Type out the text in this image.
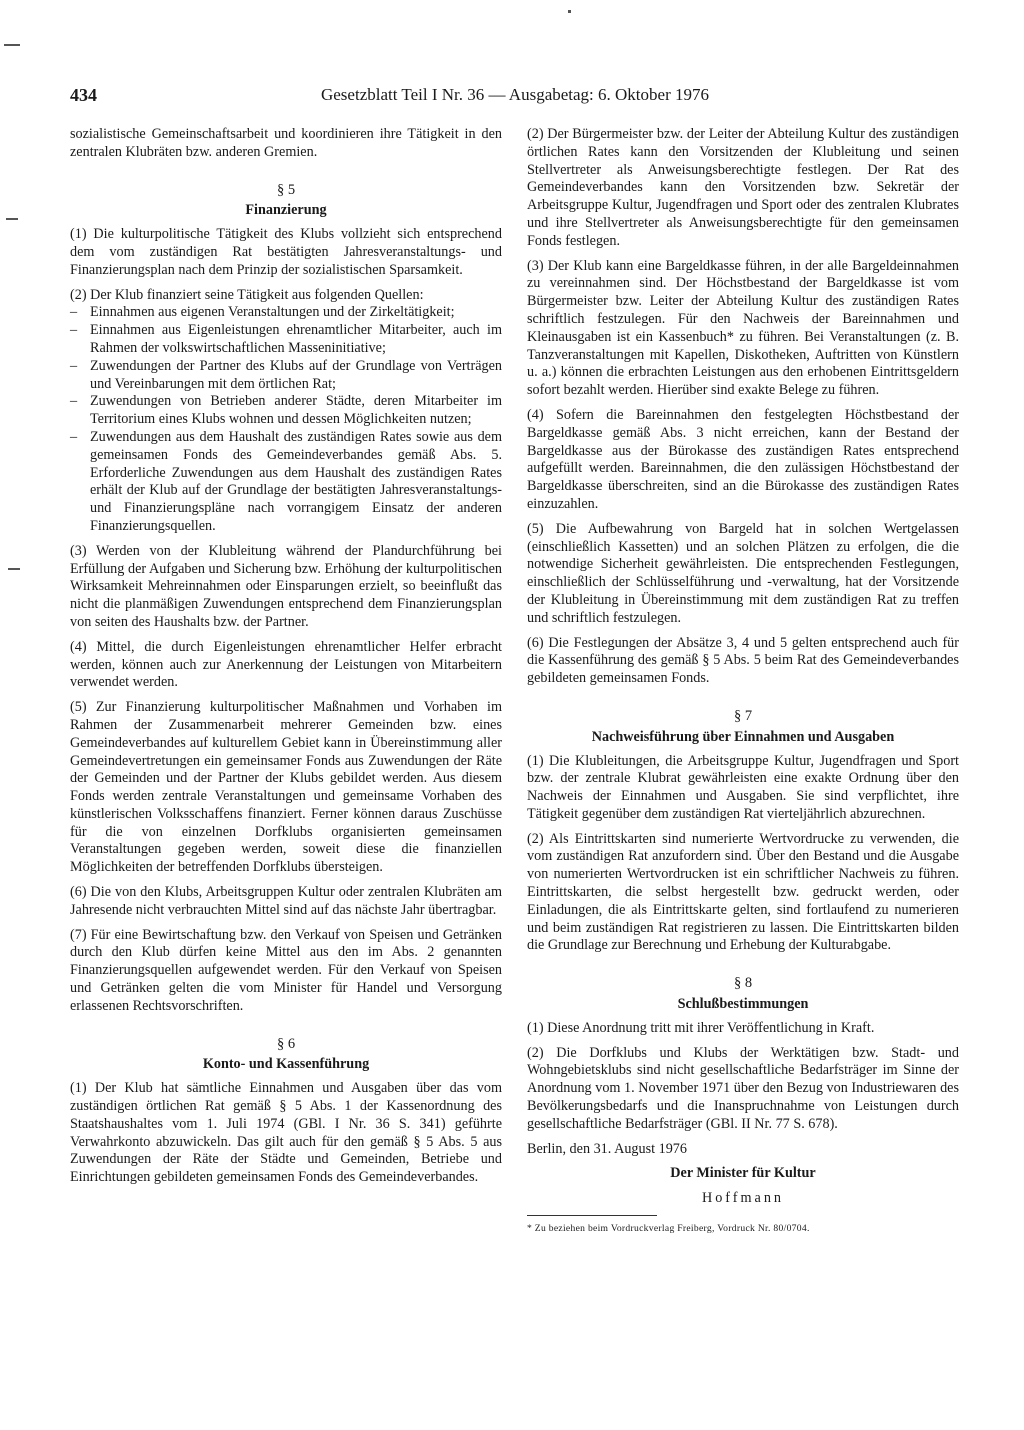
434	Gesetzblatt Teil I Nr. 36 — Ausgabetag: 6. Oktober 1976

sozialistische Gemeinschaftsarbeit und koordinieren ihre Tätigkeit in den zentralen Klubräten bzw. anderen Gremien.

§ 5
Finanzierung

(1) Die kulturpolitische Tätigkeit des Klubs vollzieht sich entsprechend dem vom zuständigen Rat bestätigten Jahresveranstaltungs- und Finanzierungsplan nach dem Prinzip der sozialistischen Sparsamkeit.

(2) Der Klub finanziert seine Tätigkeit aus folgenden Quellen:

– Einnahmen aus eigenen Veranstaltungen und der Zirkeltätigkeit;
– Einnahmen aus Eigenleistungen ehrenamtlicher Mitarbeiter, auch im Rahmen der volkswirtschaftlichen Masseninitiative;
– Zuwendungen der Partner des Klubs auf der Grundlage von Verträgen und Vereinbarungen mit dem örtlichen Rat;
– Zuwendungen von Betrieben anderer Städte, deren Mitarbeiter im Territorium eines Klubs wohnen und dessen Möglichkeiten nutzen;
– Zuwendungen aus dem Haushalt des zuständigen Rates sowie aus dem gemeinsamen Fonds des Gemeindeverbandes gemäß Abs. 5. Erforderliche Zuwendungen aus dem Haushalt des zuständigen Rates erhält der Klub auf der Grundlage der bestätigten Jahresveranstaltungs- und Finanzierungspläne nach vorrangigem Einsatz der anderen Finanzierungsquellen.

(3) Werden von der Klubleitung während der Plandurchführung bei Erfüllung der Aufgaben und Sicherung bzw. Erhöhung der kulturpolitischen Wirksamkeit Mehreinnahmen oder Einsparungen erzielt, so beeinflußt das nicht die planmäßigen Zuwendungen entsprechend dem Finanzierungsplan von seiten des Haushalts bzw. der Partner.

(4) Mittel, die durch Eigenleistungen ehrenamtlicher Helfer erbracht werden, können auch zur Anerkennung der Leistungen von Mitarbeitern verwendet werden.

(5) Zur Finanzierung kulturpolitischer Maßnahmen und Vorhaben im Rahmen der Zusammenarbeit mehrerer Gemeinden bzw. eines Gemeindeverbandes auf kulturellem Gebiet kann in Übereinstimmung aller Gemeindevertretungen ein gemeinsamer Fonds aus Zuwendungen der Räte der Gemeinden und der Partner der Klubs gebildet werden. Aus diesem Fonds werden zentrale Veranstaltungen und gemeinsame Vorhaben des künstlerischen Volksschaffens finanziert. Ferner können daraus Zuschüsse für die von einzelnen Dorfklubs organisierten gemeinsamen Veranstaltungen gegeben werden, soweit diese die finanziellen Möglichkeiten der betreffenden Dorfklubs übersteigen.

(6) Die von den Klubs, Arbeitsgruppen Kultur oder zentralen Klubräten am Jahresende nicht verbrauchten Mittel sind auf das nächste Jahr übertragbar.

(7) Für eine Bewirtschaftung bzw. den Verkauf von Speisen und Getränken durch den Klub dürfen keine Mittel aus den im Abs. 2 genannten Finanzierungsquellen aufgewendet werden. Für den Verkauf von Speisen und Getränken gelten die vom Minister für Handel und Versorgung erlassenen Rechtsvorschriften.

§ 6
Konto- und Kassenführung

(1) Der Klub hat sämtliche Einnahmen und Ausgaben über das vom zuständigen örtlichen Rat gemäß § 5 Abs. 1 der Kassenordnung des Staatshaushaltes vom 1. Juli 1974 (GBl. I Nr. 36 S. 341) geführte Verwahrkonto abzuwickeln. Das gilt auch für den gemäß § 5 Abs. 5 aus Zuwendungen der Räte der Städte und Gemeinden, Betriebe und Einrichtungen gebildeten gemeinsamen Fonds des Gemeindeverbandes.

(2) Der Bürgermeister bzw. der Leiter der Abteilung Kultur des zuständigen örtlichen Rates kann den Vorsitzenden der Klubleitung und seinen Stellvertreter als Anweisungsberechtigte festlegen. Der Rat des Gemeindeverbandes kann den Vorsitzenden bzw. Sekretär der Arbeitsgruppe Kultur, Jugendfragen und Sport oder des zentralen Klubrates und ihre Stellvertreter als Anweisungsberechtigte für den gemeinsamen Fonds festlegen.

(3) Der Klub kann eine Bargeldkasse führen, in der alle Bargeldeinnahmen zu vereinnahmen sind. Der Höchstbestand der Bargeldkasse ist vom Bürgermeister bzw. Leiter der Abteilung Kultur des zuständigen Rates schriftlich festzulegen. Für den Nachweis der Bareinnahmen und Kleinausgaben ist ein Kassenbuch* zu führen. Bei Veranstaltungen (z. B. Tanzveranstaltungen mit Kapellen, Diskotheken, Auftritten von Künstlern u. a.) können die erbrachten Leistungen aus den erhobenen Eintrittsgeldern sofort bezahlt werden. Hierüber sind exakte Belege zu führen.

(4) Sofern die Bareinnahmen den festgelegten Höchstbestand der Bargeldkasse gemäß Abs. 3 nicht erreichen, kann der Bestand der Bargeldkasse aus der Bürokasse des zuständigen Rates entsprechend aufgefüllt werden. Bareinnahmen, die den zulässigen Höchstbestand der Bargeldkasse überschreiten, sind an die Bürokasse des zuständigen Rates einzuzahlen.

(5) Die Aufbewahrung von Bargeld hat in solchen Wertgelassen (einschließlich Kassetten) und an solchen Plätzen zu erfolgen, die die notwendige Sicherheit gewährleisten. Die entsprechenden Festlegungen, einschließlich der Schlüsselführung und -verwaltung, hat der Vorsitzende der Klubleitung in Übereinstimmung mit dem zuständigen Rat zu treffen und schriftlich festzulegen.

(6) Die Festlegungen der Absätze 3, 4 und 5 gelten entsprechend auch für die Kassenführung des gemäß § 5 Abs. 5 beim Rat des Gemeindeverbandes gebildeten gemeinsamen Fonds.

§ 7
Nachweisführung über Einnahmen und Ausgaben

(1) Die Klubleitungen, die Arbeitsgruppe Kultur, Jugendfragen und Sport bzw. der zentrale Klubrat gewährleisten eine exakte Ordnung über den Nachweis der Einnahmen und Ausgaben. Sie sind verpflichtet, ihre Tätigkeit gegenüber dem zuständigen Rat vierteljährlich abzurechnen.

(2) Als Eintrittskarten sind numerierte Wertvordrucke zu verwenden, die vom zuständigen Rat anzufordern sind. Über den Bestand und die Ausgabe von numerierten Wertvordrucken ist ein schriftlicher Nachweis zu führen. Eintrittskarten, die selbst hergestellt bzw. gedruckt werden, oder Einladungen, die als Eintrittskarte gelten, sind fortlaufend zu numerieren und beim zuständigen Rat registrieren zu lassen. Die Eintrittskarten bilden die Grundlage zur Berechnung und Erhebung der Kulturabgabe.

§ 8
Schlußbestimmungen

(1) Diese Anordnung tritt mit ihrer Veröffentlichung in Kraft.

(2) Die Dorfklubs und Klubs der Werktätigen bzw. Stadt- und Wohngebietsklubs sind nicht gesellschaftliche Bedarfsträger im Sinne der Anordnung vom 1. November 1971 über den Bezug von Industriewaren des Bevölkerungsbedarfs und die Inanspruchnahme von Leistungen durch gesellschaftliche Bedarfsträger (GBl. II Nr. 77 S. 678).

Berlin, den 31. August 1976

Der Minister für Kultur

Hoffmann

* Zu beziehen beim Vordruckverlag Freiberg, Vordruck Nr. 80/0704.
